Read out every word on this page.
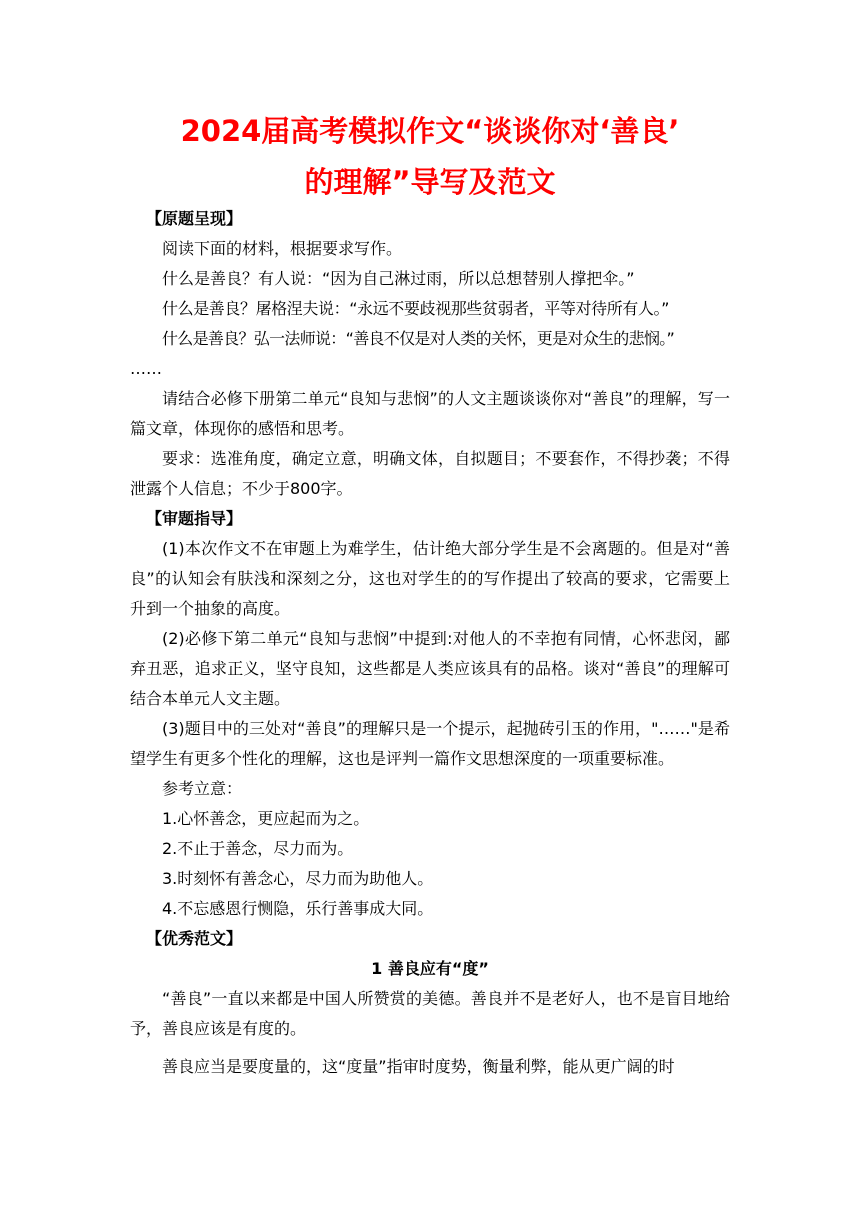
2024届高考模拟作文“谈谈你对‘善良’
的理解”导写及范文

【原题呈现】

阅读下面的材料，根据要求写作。

什么是善良？有人说：“因为自己淋过雨，所以总想替别人撑把伞。”

什么是善良？屠格涅夫说：“永远不要歧视那些贫弱者，平等对待所有人。”

什么是善良？弘一法师说：“善良不仅是对人类的关怀，更是对众生的悲悯。”

……

请结合必修下册第二单元“良知与悲悯”的人文主题谈谈你对“善良”的理解，写一篇文章，体现你的感悟和思考。

要求：选准角度，确定立意，明确文体，自拟题目；不要套作，不得抄袭；不得泄露个人信息；不少于800字。

【审题指导】

(1)本次作文不在审题上为难学生，估计绝大部分学生是不会离题的。但是对“善良”的认知会有肤浅和深刻之分，这也对学生的的写作提出了较高的要求，它需要上升到一个抽象的高度。

(2)必修下第二单元“良知与悲悯”中提到:对他人的不幸抱有同情，心怀悲闵，鄙弃丑恶，追求正义，坚守良知，这些都是人类应该具有的品格。谈对“善良”的理解可结合本单元人文主题。

(3)题目中的三处对“善良”的理解只是一个提示，起抛砖引玉的作用，"……"是希望学生有更多个性化的理解，这也是评判一篇作文思想深度的一项重要标准。

参考立意：

1.心怀善念，更应起而为之。

2.不止于善念，尽力而为。

3.时刻怀有善念心，尽力而为助他人。

4.不忘感恩行恻隐，乐行善事成大同。

【优秀范文】

1 善良应有“度”

“善良”一直以来都是中国人所赞赏的美德。善良并不是老好人，也不是盲目地给予，善良应该是有度的。

善良应当是要度量的，这“度量”指审时度势，衡量利弊，能从更广阔的时
